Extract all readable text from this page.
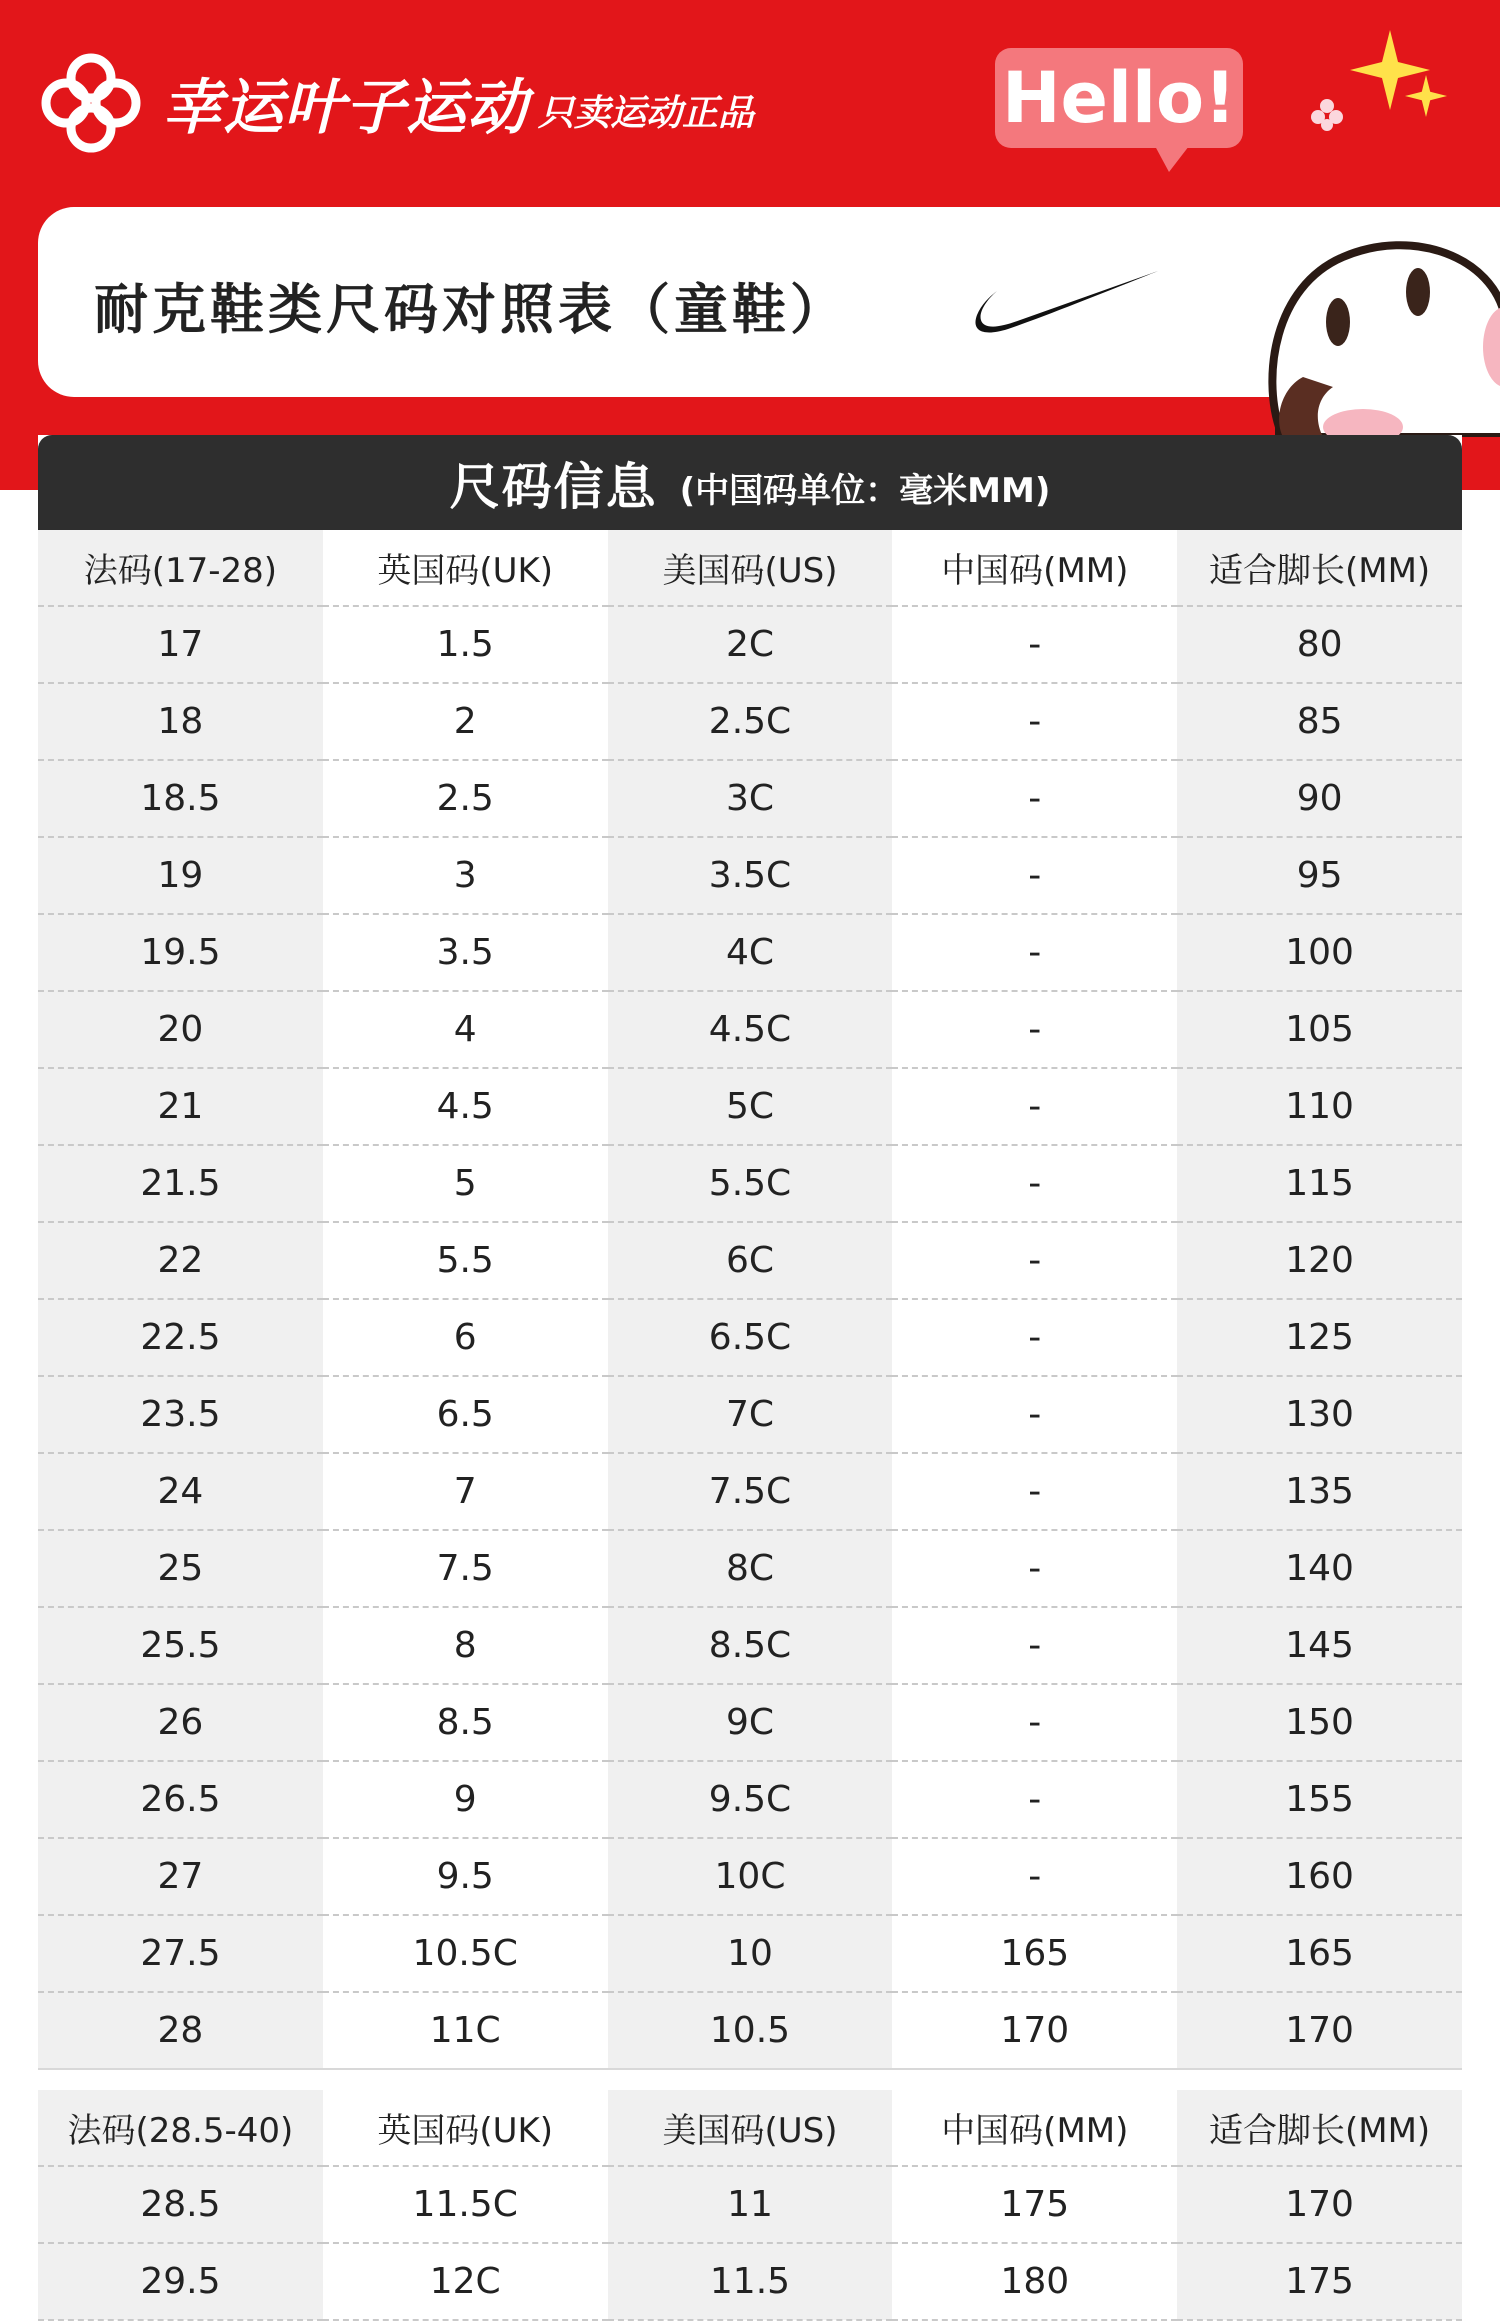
幸运叶子运动 只卖运动正品	Hello!
耐克鞋类尺码对照表（童鞋）
尺码信息 (中国码单位：毫米MM)
法码(17-28)	英国码(UK)	美国码(US)	中国码(MM)	适合脚长(MM)
17	1.5	2C	-	80
18	2	2.5C	-	85
18.5	2.5	3C	-	90
19	3	3.5C	-	95
19.5	3.5	4C	-	100
20	4	4.5C	-	105
21	4.5	5C	-	110
21.5	5	5.5C	-	115
22	5.5	6C	-	120
22.5	6	6.5C	-	125
23.5	6.5	7C	-	130
24	7	7.5C	-	135
25	7.5	8C	-	140
25.5	8	8.5C	-	145
26	8.5	9C	-	150
26.5	9	9.5C	-	155
27	9.5	10C	-	160
27.5	10.5C	10	165	165
28	11C	10.5	170	170
法码(28.5-40)	英国码(UK)	美国码(US)	中国码(MM)	适合脚长(MM)
28.5	11.5C	11	175	170
29.5	12C	11.5	180	175
